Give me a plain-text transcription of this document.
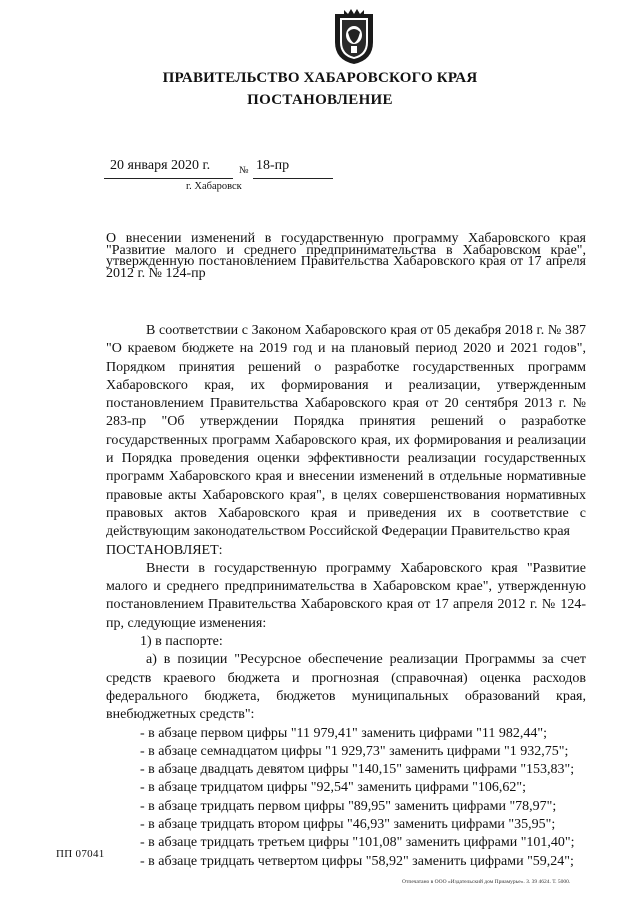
ПРАВИТЕЛЬСТВО ХАБАРОВСКОГО КРАЯ
ПОСТАНОВЛЕНИЕ
20 января 2020 г.	№ 18-пр
г. Хабаровск
О внесении изменений в государственную программу Хабаровского края "Развитие малого и среднего предпринимательства в Хабаровском крае", утвержденную постановлением Правительства Хабаровского края от 17 апреля 2012 г. № 124-пр

В соответствии с Законом Хабаровского края от 05 декабря 2018 г. № 387 "О краевом бюджете на 2019 год и на плановый период 2020 и 2021 годов", Порядком принятия решений о разработке государственных программ Хабаровского края, их формирования и реализации, утвержденным постановлением Правительства Хабаровского края от 20 сентября 2013 г. № 283-пр "Об утверждении Порядка принятия решений о разработке государственных программ Хабаровского края, их формирования и реализации и Порядка проведения оценки эффективности реализации государственных программ Хабаровского края и внесении изменений в отдельные нормативные правовые акты Хабаровского края", в целях совершенствования нормативных правовых актов Хабаровского края и приведения их в соответствие с действующим законодательством Российской Федерации Правительство края

ПОСТАНОВЛЯЕТ:

Внести в государственную программу Хабаровского края "Развитие малого и среднего предпринимательства в Хабаровском крае", утвержденную постановлением Правительства Хабаровского края от 17 апреля 2012 г. № 124-пр, следующие изменения:

1) в паспорте:

а) в позиции "Ресурсное обеспечение реализации Программы за счет средств краевого бюджета и прогнозная (справочная) оценка расходов федерального бюджета, бюджетов муниципальных образований края, внебюджетных средств":

- в абзаце первом цифры "11 979,41" заменить цифрами "11 982,44";

- в абзаце семнадцатом цифры "1 929,73" заменить цифрами "1 932,75";

- в абзаце двадцать девятом цифры "140,15" заменить цифрами "153,83";

- в абзаце тридцатом цифры "92,54" заменить цифрами "106,62";

- в абзаце тридцать первом цифры "89,95" заменить цифрами "78,97";

- в абзаце тридцать втором цифры "46,93" заменить цифрами "35,95";

- в абзаце тридцать третьем цифры "101,08" заменить цифрами "101,40";

- в абзаце тридцать четвертом цифры "58,92" заменить цифрами "59,24";

ПП 07041
Отпечатано в ООО «Издательский дом Приамурье». З. 39 4624. Т. 5000.
